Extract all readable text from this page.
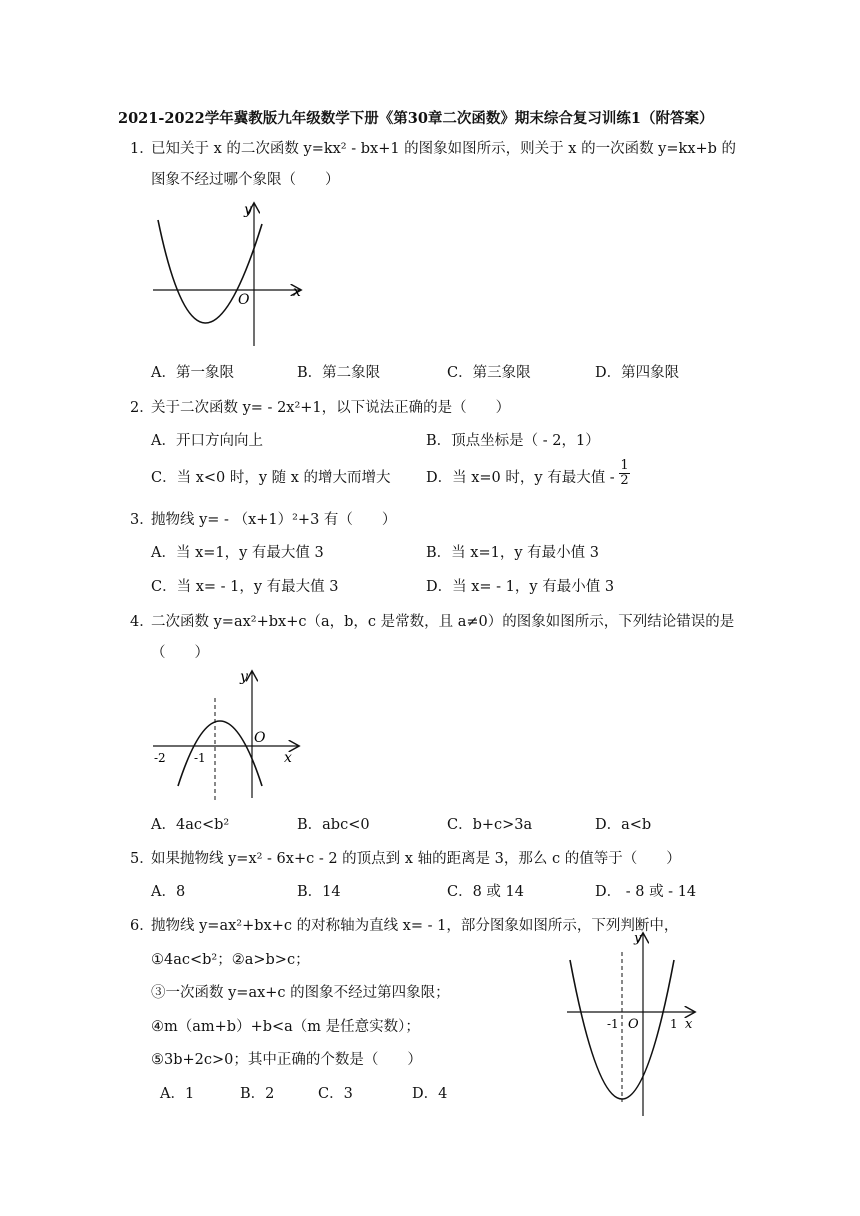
2021-2022学年冀教版九年级数学下册《第30章二次函数》期末综合复习训练1（附答案）
1．
已知关于 x 的二次函数 y=kx² - bx+1 的图象如图所示，则关于 x 的一次函数 y=kx+b 的
图象不经过哪个象限（　　）
y
x
O
A．第一象限	B．第二象限	C．第三象限	D．第四象限
2．
关于二次函数 y= - 2x²+1，以下说法正确的是（　　）
A．开口方向向上	B．顶点坐标是（ - 2，1）
C．当 x<0 时，y 随 x 的增大而增大 D．当 x=0 时，y 有最大值 - $\frac{1}{2}$
3．
抛物线 y= - （x+1）²+3 有（　　）
A．当 x=1，y 有最大值 3	B．当 x=1，y 有最小值 3
C．当 x= - 1，y 有最大值 3	D．当 x= - 1，y 有最小值 3
4．
二次函数 y=ax²+bx+c（a，b，c 是常数，且 a≠0）的图象如图所示，下列结论错误的是
（　　）
y
x
O
-2 -1
A．4ac<b²	B．abc<0	C．b+c>3a	D．a<b
5．
如果抛物线 y=x² - 6x+c - 2 的顶点到 x 轴的距离是 3，那么 c 的值等于（　　）
A．8	B．14	C．8 或 14	D． - 8 或 - 14
6．
抛物线 y=ax²+bx+c 的对称轴为直线 x= - 1，部分图象如图所示，下列判断中，
①4ac<b²；②a>b>c；
③一次函数 y=ax+c 的图象不经过第四象限；
④m（am+b）+b<a（m 是任意实数）；
⑤3b+2c>0；其中正确的个数是（　　）
A．1	B．2	C．3	D．4
y
x
O
-1	1
